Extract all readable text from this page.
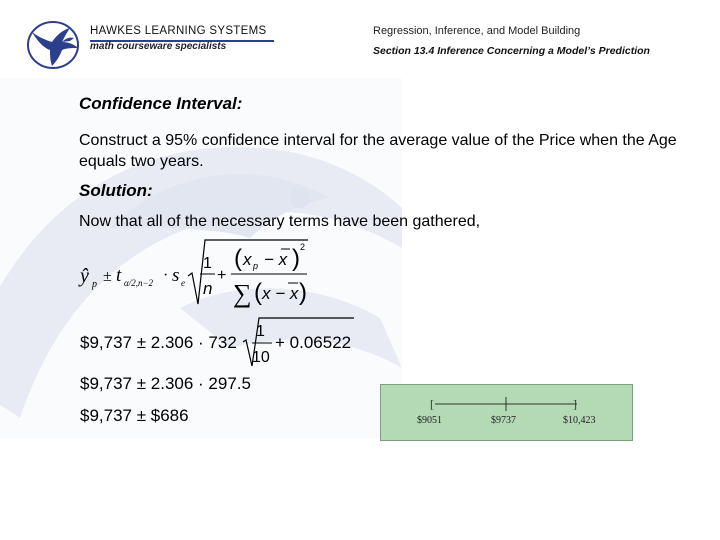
HAWKES LEARNING SYSTEMS
math courseware specialists
Regression, Inference, and Model Building
Section 13.4 Inference Concerning a Model’s Prediction
Confidence Interval:
Construct a 95% confidence interval for the average value of the Price when the Age equals two years.
Solution:
Now that all of the necessary terms have been gathered,
ŷ p ± t α/2,n−2 · s e
1
n
+
( x p − x ) 2
∑ ( x − x )
$9,737 ± 2.306 · 732
1
10
+ 0.06522
$9,737 ± 2.306 · 297.5
$9,737 ± $686
[	]
$9051	$9737	$10,423
